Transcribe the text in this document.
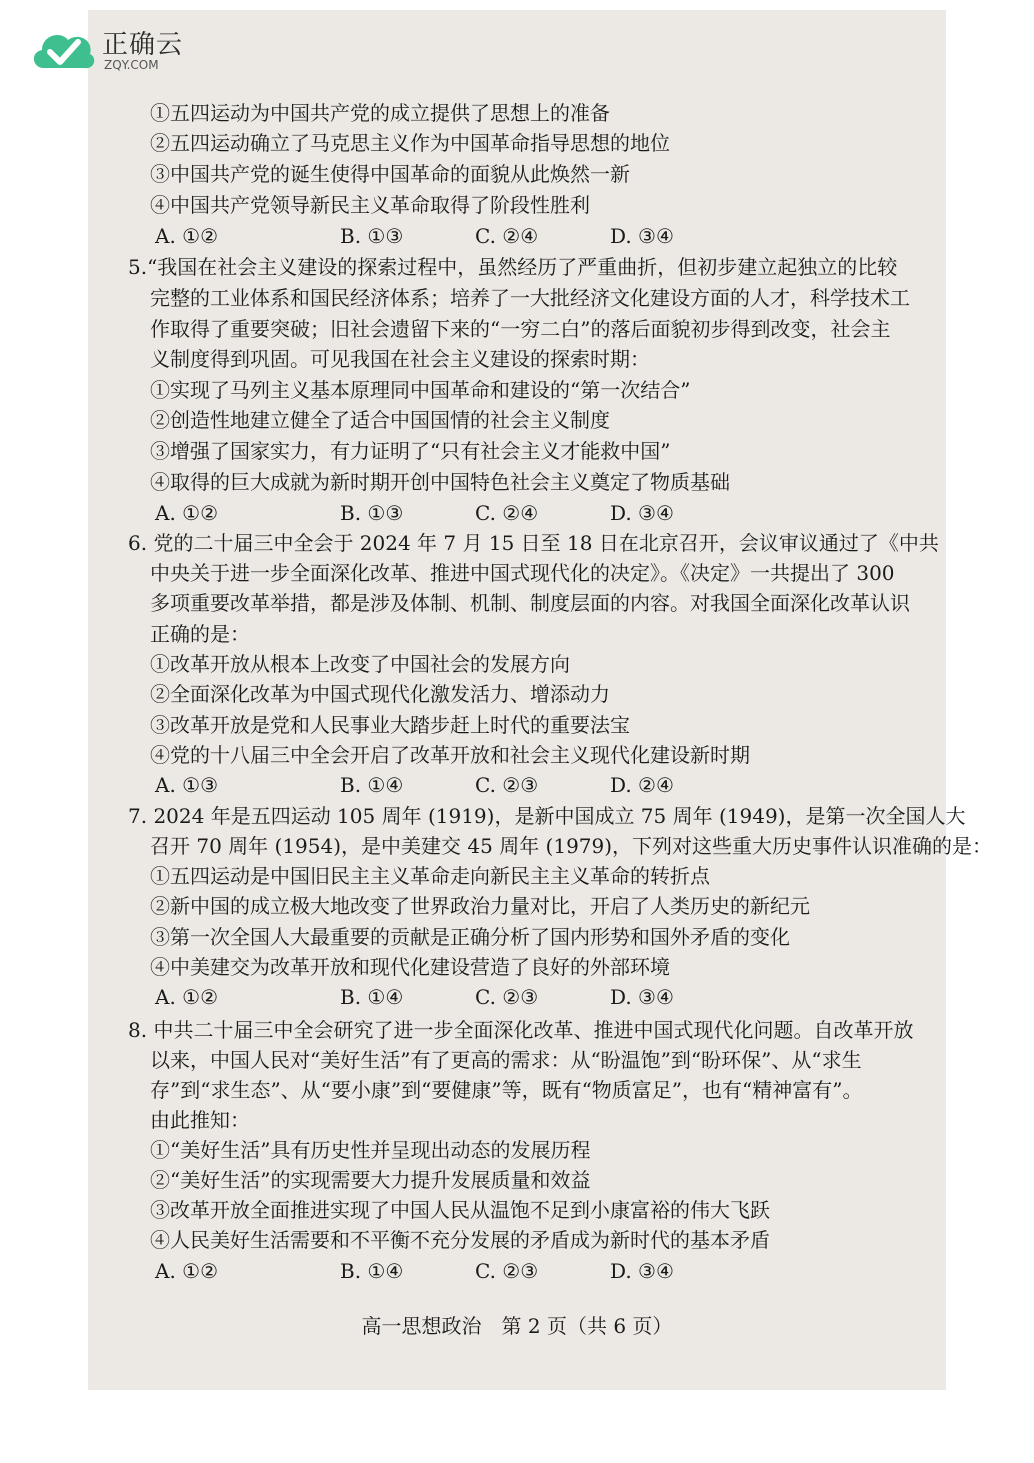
正确云
ZQY.COM
①五四运动为中国共产党的成立提供了思想上的准备
②五四运动确立了马克思主义作为中国革命指导思想的地位
③中国共产党的诞生使得中国革命的面貌从此焕然一新
④中国共产党领导新民主义革命取得了阶段性胜利
A. ①②	B. ①③	C. ②④	D. ③④
5.“我国在社会主义建设的探索过程中，虽然经历了严重曲折，但初步建立起独立的比较
完整的工业体系和国民经济体系；培养了一大批经济文化建设方面的人才，科学技术工
作取得了重要突破；旧社会遗留下来的“一穷二白”的落后面貌初步得到改变，社会主
义制度得到巩固。可见我国在社会主义建设的探索时期：
①实现了马列主义基本原理同中国革命和建设的“第一次结合”
②创造性地建立健全了适合中国国情的社会主义制度
③增强了国家实力，有力证明了“只有社会主义才能救中国”
④取得的巨大成就为新时期开创中国特色社会主义奠定了物质基础
A. ①②	B. ①③	C. ②④	D. ③④
6. 党的二十届三中全会于 2024 年 7 月 15 日至 18 日在北京召开，会议审议通过了《中共
中央关于进一步全面深化改革、推进中国式现代化的决定》。《决定》一共提出了 300
多项重要改革举措，都是涉及体制、机制、制度层面的内容。对我国全面深化改革认识
正确的是：
①改革开放从根本上改变了中国社会的发展方向
②全面深化改革为中国式现代化激发活力、增添动力
③改革开放是党和人民事业大踏步赶上时代的重要法宝
④党的十八届三中全会开启了改革开放和社会主义现代化建设新时期
A. ①③	B. ①④	C. ②③	D. ②④
7. 2024 年是五四运动 105 周年 (1919)，是新中国成立 75 周年 (1949)，是第一次全国人大
召开 70 周年 (1954)，是中美建交 45 周年 (1979)，下列对这些重大历史事件认识准确的是：
①五四运动是中国旧民主主义革命走向新民主主义革命的转折点
②新中国的成立极大地改变了世界政治力量对比，开启了人类历史的新纪元
③第一次全国人大最重要的贡献是正确分析了国内形势和国外矛盾的变化
④中美建交为改革开放和现代化建设营造了良好的外部环境
A. ①②	B. ①④	C. ②③	D. ③④
8. 中共二十届三中全会研究了进一步全面深化改革、推进中国式现代化问题。自改革开放
以来，中国人民对“美好生活”有了更高的需求：从“盼温饱”到“盼环保”、从“求生
存”到“求生态”、从“要小康”到“要健康”等，既有“物质富足”，也有“精神富有”。
由此推知：
①“美好生活”具有历史性并呈现出动态的发展历程
②“美好生活”的实现需要大力提升发展质量和效益
③改革开放全面推进实现了中国人民从温饱不足到小康富裕的伟大飞跃
④人民美好生活需要和不平衡不充分发展的矛盾成为新时代的基本矛盾
A. ①②	B. ①④	C. ②③	D. ③④
高一思想政治　第 2 页（共 6 页）
